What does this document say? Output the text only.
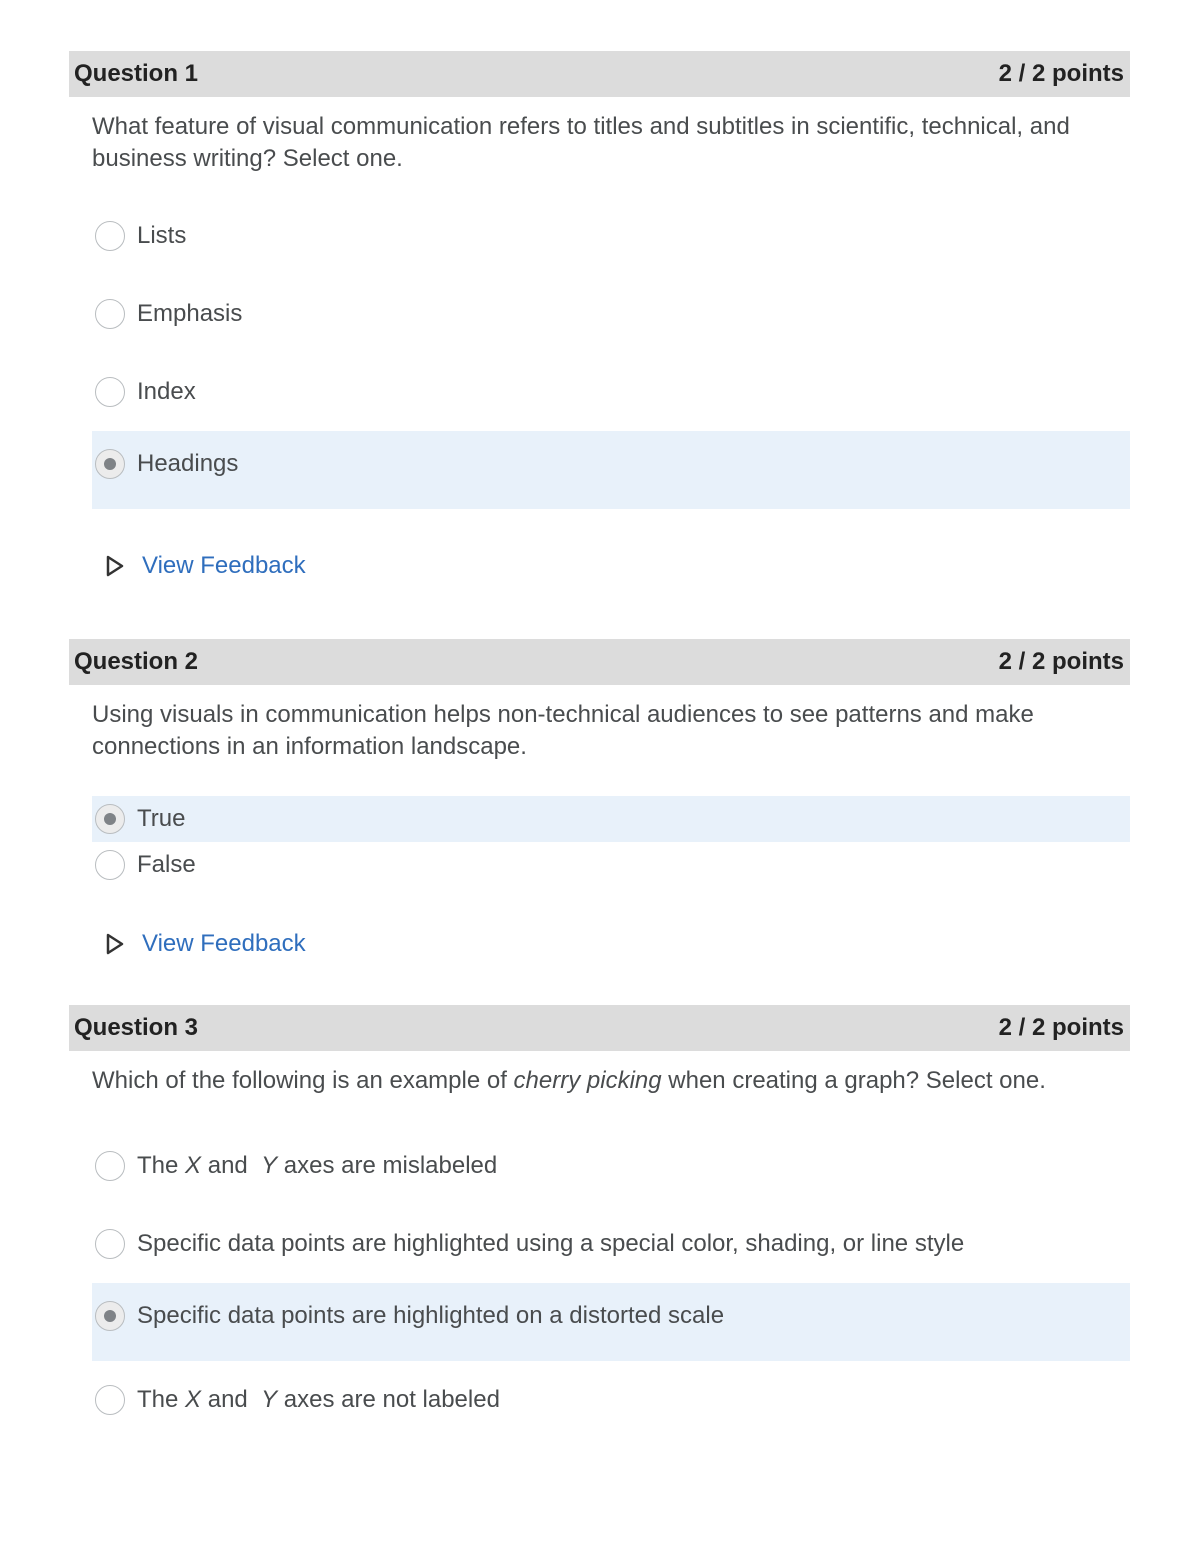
Question 1	2 / 2 points

What feature of visual communication refers to titles and subtitles in scientific, technical, and business writing? Select one.

Lists
Emphasis
Index
Headings
View Feedback
Question 2	2 / 2 points

Using visuals in communication helps non-technical audiences to see patterns and make connections in an information landscape.

True
False
View Feedback
Question 3	2 / 2 points

Which of the following is an example of cherry picking when creating a graph? Select one.

The X and  Y axes are mislabeled
Specific data points are highlighted using a special color, shading, or line style
Specific data points are highlighted on a distorted scale
The X and  Y axes are not labeled
